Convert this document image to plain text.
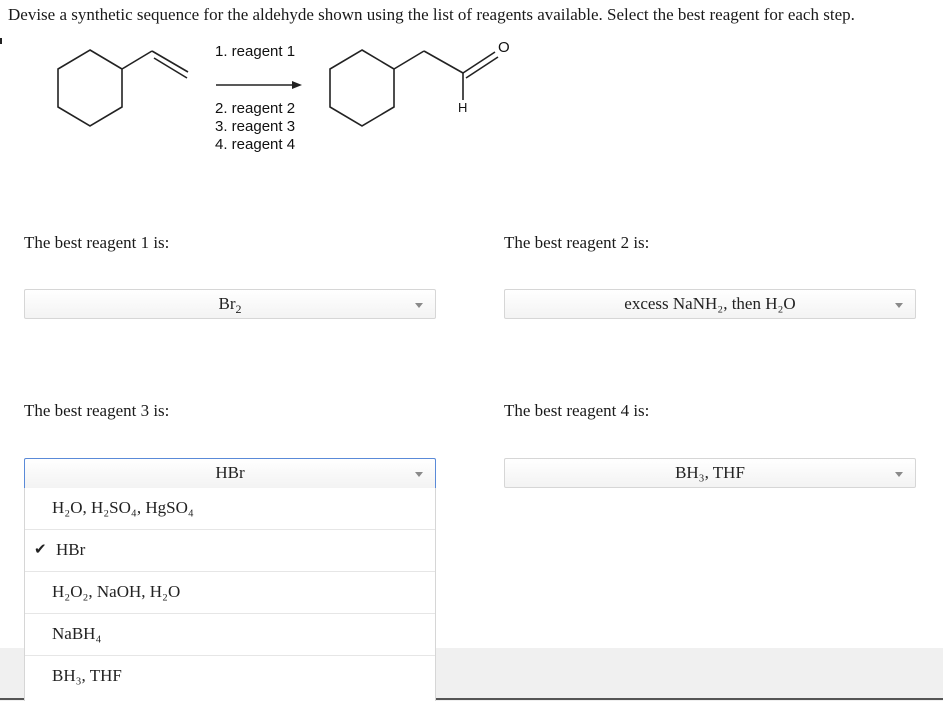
Devise a synthetic sequence for the aldehyde shown using the list of reagents available. Select the best reagent for each step.
1. reagent 1
2. reagent 2
3. reagent 3
4. reagent 4
O
H
The best reagent 1 is:	The best reagent 2 is:
The best reagent 3 is:	The best reagent 4 is:
$Br_2$	excess NaNH₂, then H₂O
HBr	BH₃, THF
H₂O, H₂SO₄, HgSO₄
✔ HBr
H₂O₂, NaOH, H₂O
NaBH₄
BH₃, THF
